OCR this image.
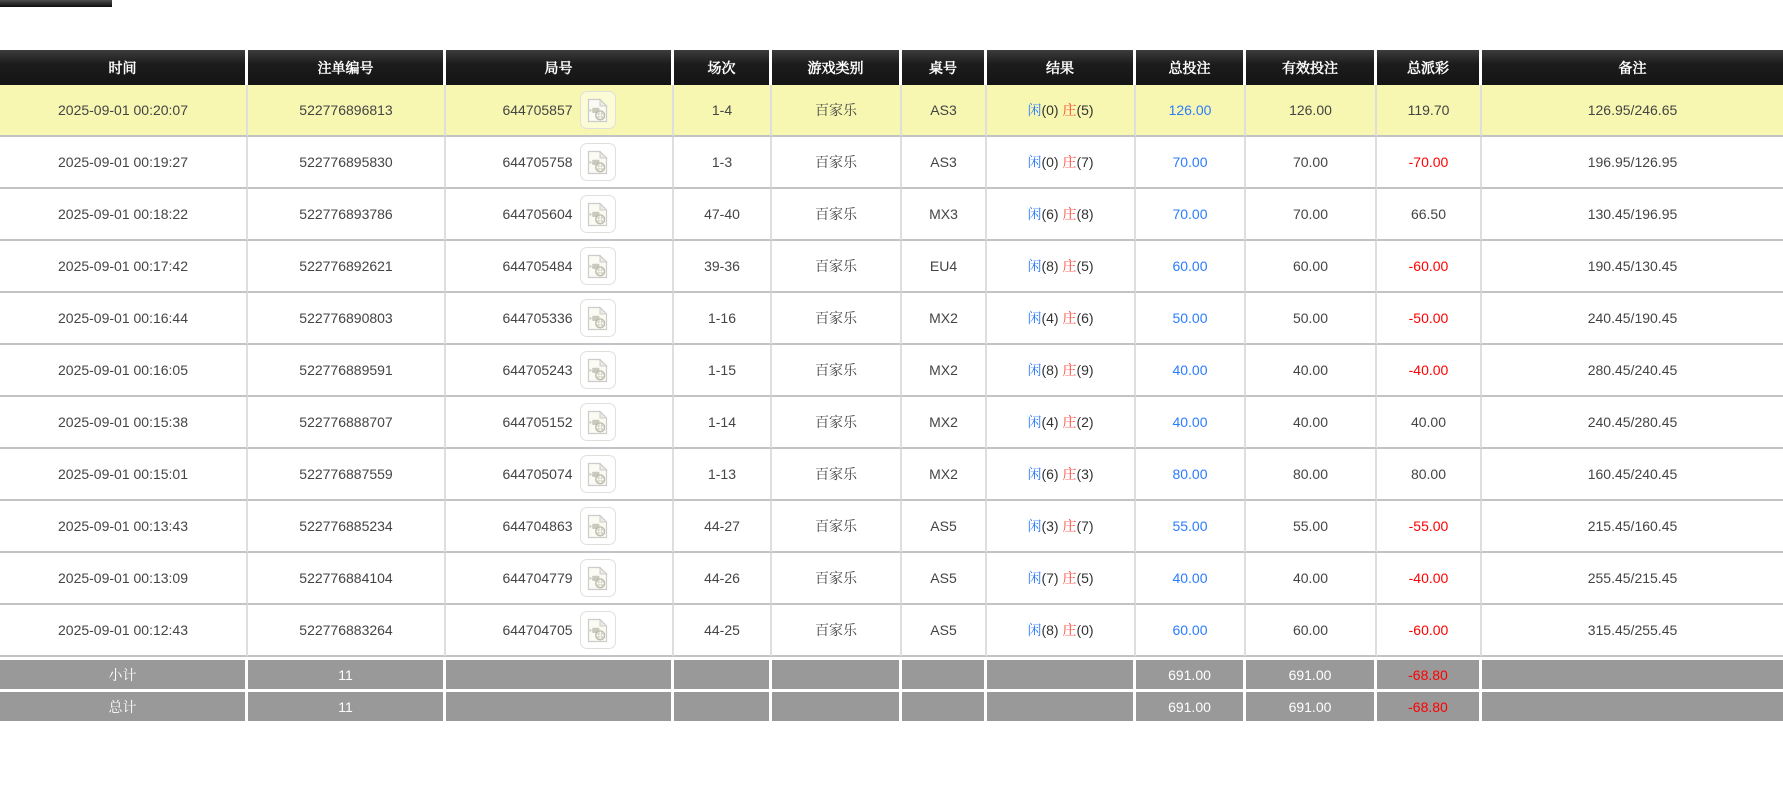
时间	注单编号	局号	场次	游戏类别	桌号	结果	总投注	有效投注	总派彩	备注
2025-09-01 00:20:07	522776896813	644705857	1-4	百家乐	AS3	闲(0) 庄(5)	126.00	126.00	119.70	126.95/246.65
2025-09-01 00:19:27	522776895830	644705758	1-3	百家乐	AS3	闲(0) 庄(7)	70.00	70.00	-70.00	196.95/126.95
2025-09-01 00:18:22	522776893786	644705604	47-40	百家乐	MX3	闲(6) 庄(8)	70.00	70.00	66.50	130.45/196.95
2025-09-01 00:17:42	522776892621	644705484	39-36	百家乐	EU4	闲(8) 庄(5)	60.00	60.00	-60.00	190.45/130.45
2025-09-01 00:16:44	522776890803	644705336	1-16	百家乐	MX2	闲(4) 庄(6)	50.00	50.00	-50.00	240.45/190.45
2025-09-01 00:16:05	522776889591	644705243	1-15	百家乐	MX2	闲(8) 庄(9)	40.00	40.00	-40.00	280.45/240.45
2025-09-01 00:15:38	522776888707	644705152	1-14	百家乐	MX2	闲(4) 庄(2)	40.00	40.00	40.00	240.45/280.45
2025-09-01 00:15:01	522776887559	644705074	1-13	百家乐	MX2	闲(6) 庄(3)	80.00	80.00	80.00	160.45/240.45
2025-09-01 00:13:43	522776885234	644704863	44-27	百家乐	AS5	闲(3) 庄(7)	55.00	55.00	-55.00	215.45/160.45
2025-09-01 00:13:09	522776884104	644704779	44-26	百家乐	AS5	闲(7) 庄(5)	40.00	40.00	-40.00	255.45/215.45
2025-09-01 00:12:43	522776883264	644704705	44-25	百家乐	AS5	闲(8) 庄(0)	60.00	60.00	-60.00	315.45/255.45
小计	11						691.00	691.00	-68.80	
总计	11						691.00	691.00	-68.80	
